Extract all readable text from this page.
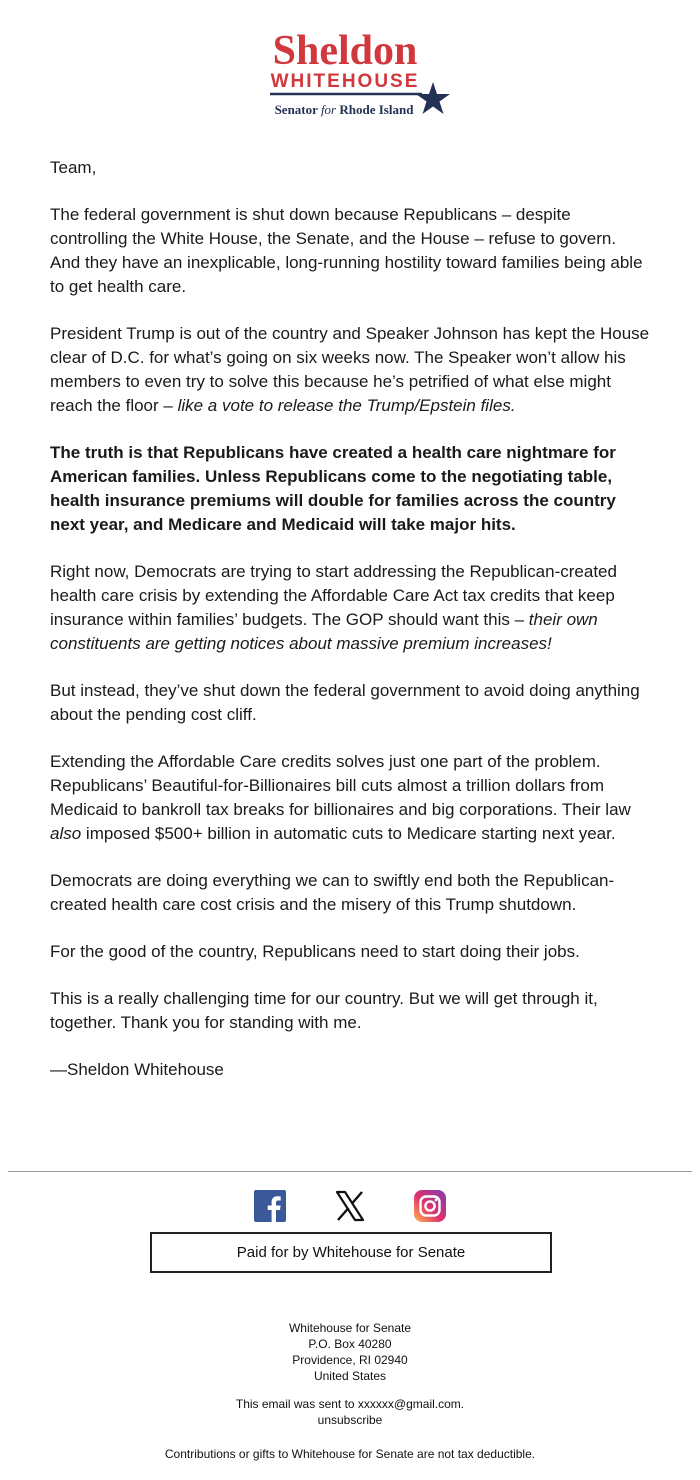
Sheldon
WHITEHOUSE
Senator for Rhode Island

Team,

The federal government is shut down because Republicans – despite controlling the White House, the Senate, and the House – refuse to govern. And they have an inexplicable, long-running hostility toward families being able to get health care.

President Trump is out of the country and Speaker Johnson has kept the House clear of D.C. for what’s going on six weeks now. The Speaker won’t allow his members to even try to solve this because he’s petrified of what else might reach the floor – like a vote to release the Trump/Epstein files.

The truth is that Republicans have created a health care nightmare for American families. Unless Republicans come to the negotiating table, health insurance premiums will double for families across the country next year, and Medicare and Medicaid will take major hits.

Right now, Democrats are trying to start addressing the Republican-created health care crisis by extending the Affordable Care Act tax credits that keep insurance within families’ budgets. The GOP should want this – their own constituents are getting notices about massive premium increases!

But instead, they’ve shut down the federal government to avoid doing anything about the pending cost cliff.

Extending the Affordable Care credits solves just one part of the problem. Republicans’ Beautiful-for-Billionaires bill cuts almost a trillion dollars from Medicaid to bankroll tax breaks for billionaires and big corporations. Their law also imposed $500+ billion in automatic cuts to Medicare starting next year.

Democrats are doing everything we can to swiftly end both the Republican-created health care cost crisis and the misery of this Trump shutdown.

For the good of the country, Republicans need to start doing their jobs.

This is a really challenging time for our country. But we will get through it, together. Thank you for standing with me.

—Sheldon Whitehouse

Paid for by Whitehouse for Senate
Whitehouse for Senate
P.O. Box 40280
Providence, RI 02940
United States
This email was sent to xxxxxx@gmail.com.
unsubscribe
Contributions or gifts to Whitehouse for Senate are not tax deductible.
